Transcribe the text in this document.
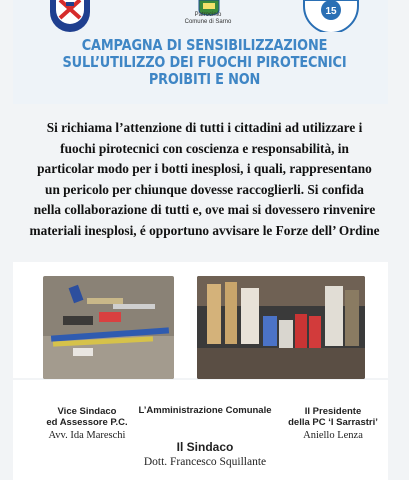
Patrocinio
Comune di Sarno
15
CAMPAGNA DI SENSIBILIZZAZIONE
SULL’UTILIZZO DEI FUOCHI PIROTECNICI
PROIBITI E NON
Si richiama l’attenzione di tutti i cittadini ad utilizzare i
fuochi pirotecnici con coscienza e responsabilità, in
particolar modo per i botti inesplosi, i quali, rappresentano
un pericolo per chiunque dovesse raccoglierli. Si confida
nella collaborazione di tutti e, ove mai si dovessero rinvenire
materiali inesplosi, é opportuno avvisare le Forze dell’ Ordine
Vice Sindaco
ed Assessore P.C.
Avv. Ida Mareschi
L’Amministrazione Comunale	Il Presidente
della PC ‘I Sarrastri’
Aniello Lenza
Il Sindaco
Dott. Francesco Squillante
